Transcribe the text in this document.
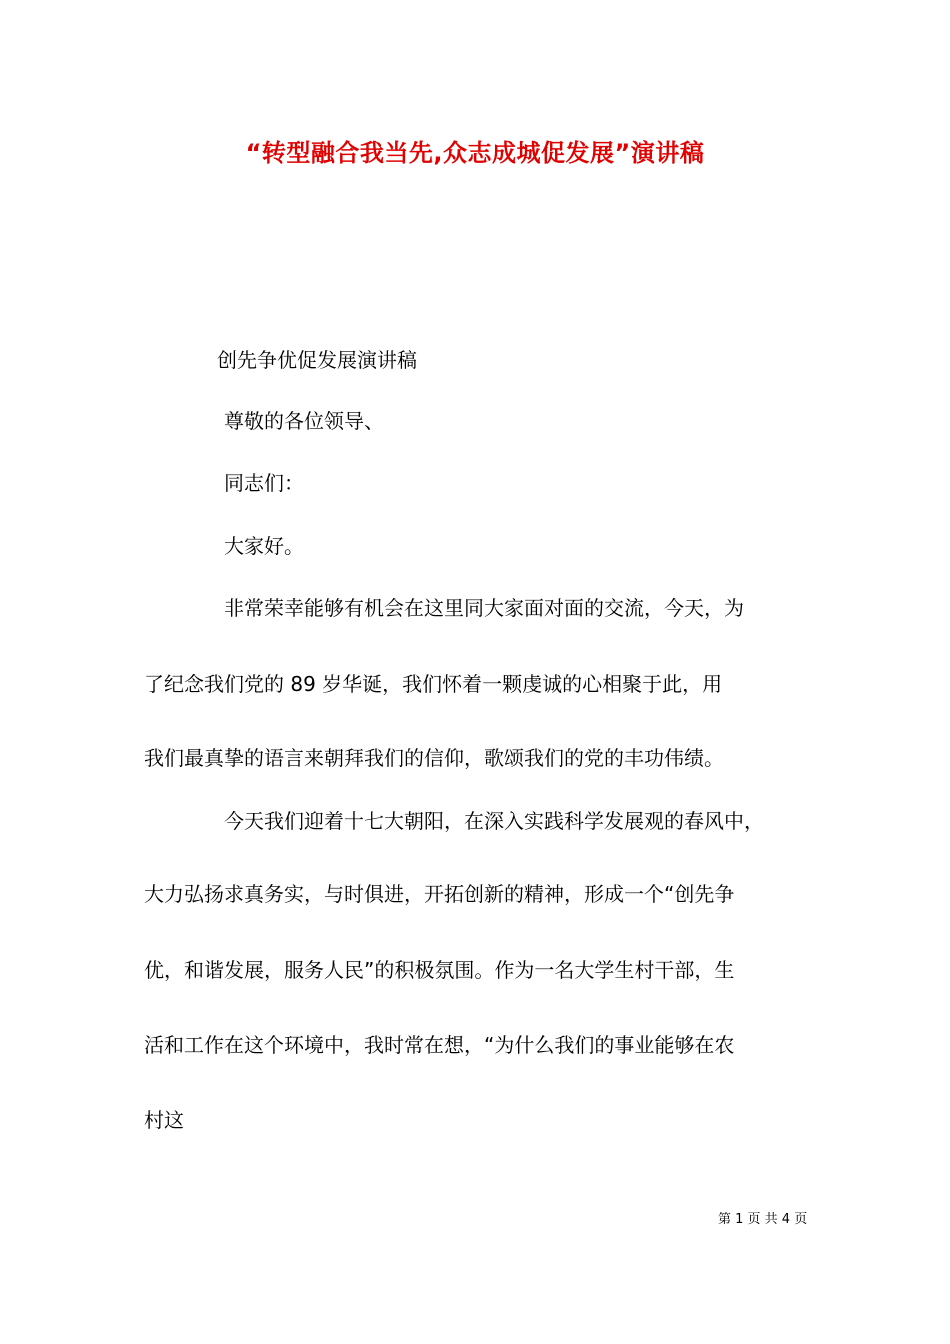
“转型融合我当先,众志成城促发展”演讲稿
创先争优促发展演讲稿
尊敬的各位领导、
同志们：
大家好。
非常荣幸能够有机会在这里同大家面对面的交流，今天，为
了纪念我们党的 89 岁华诞，我们怀着一颗虔诚的心相聚于此，用
我们最真挚的语言来朝拜我们的信仰，歌颂我们的党的丰功伟绩。
今天我们迎着十七大朝阳，在深入实践科学发展观的春风中，
大力弘扬求真务实，与时俱进，开拓创新的精神，形成一个“创先争
优，和谐发展，服务人民”的积极氛围。作为一名大学生村干部，生
活和工作在这个环境中，我时常在想，“为什么我们的事业能够在农
村这
第 1 页 共 4 页
